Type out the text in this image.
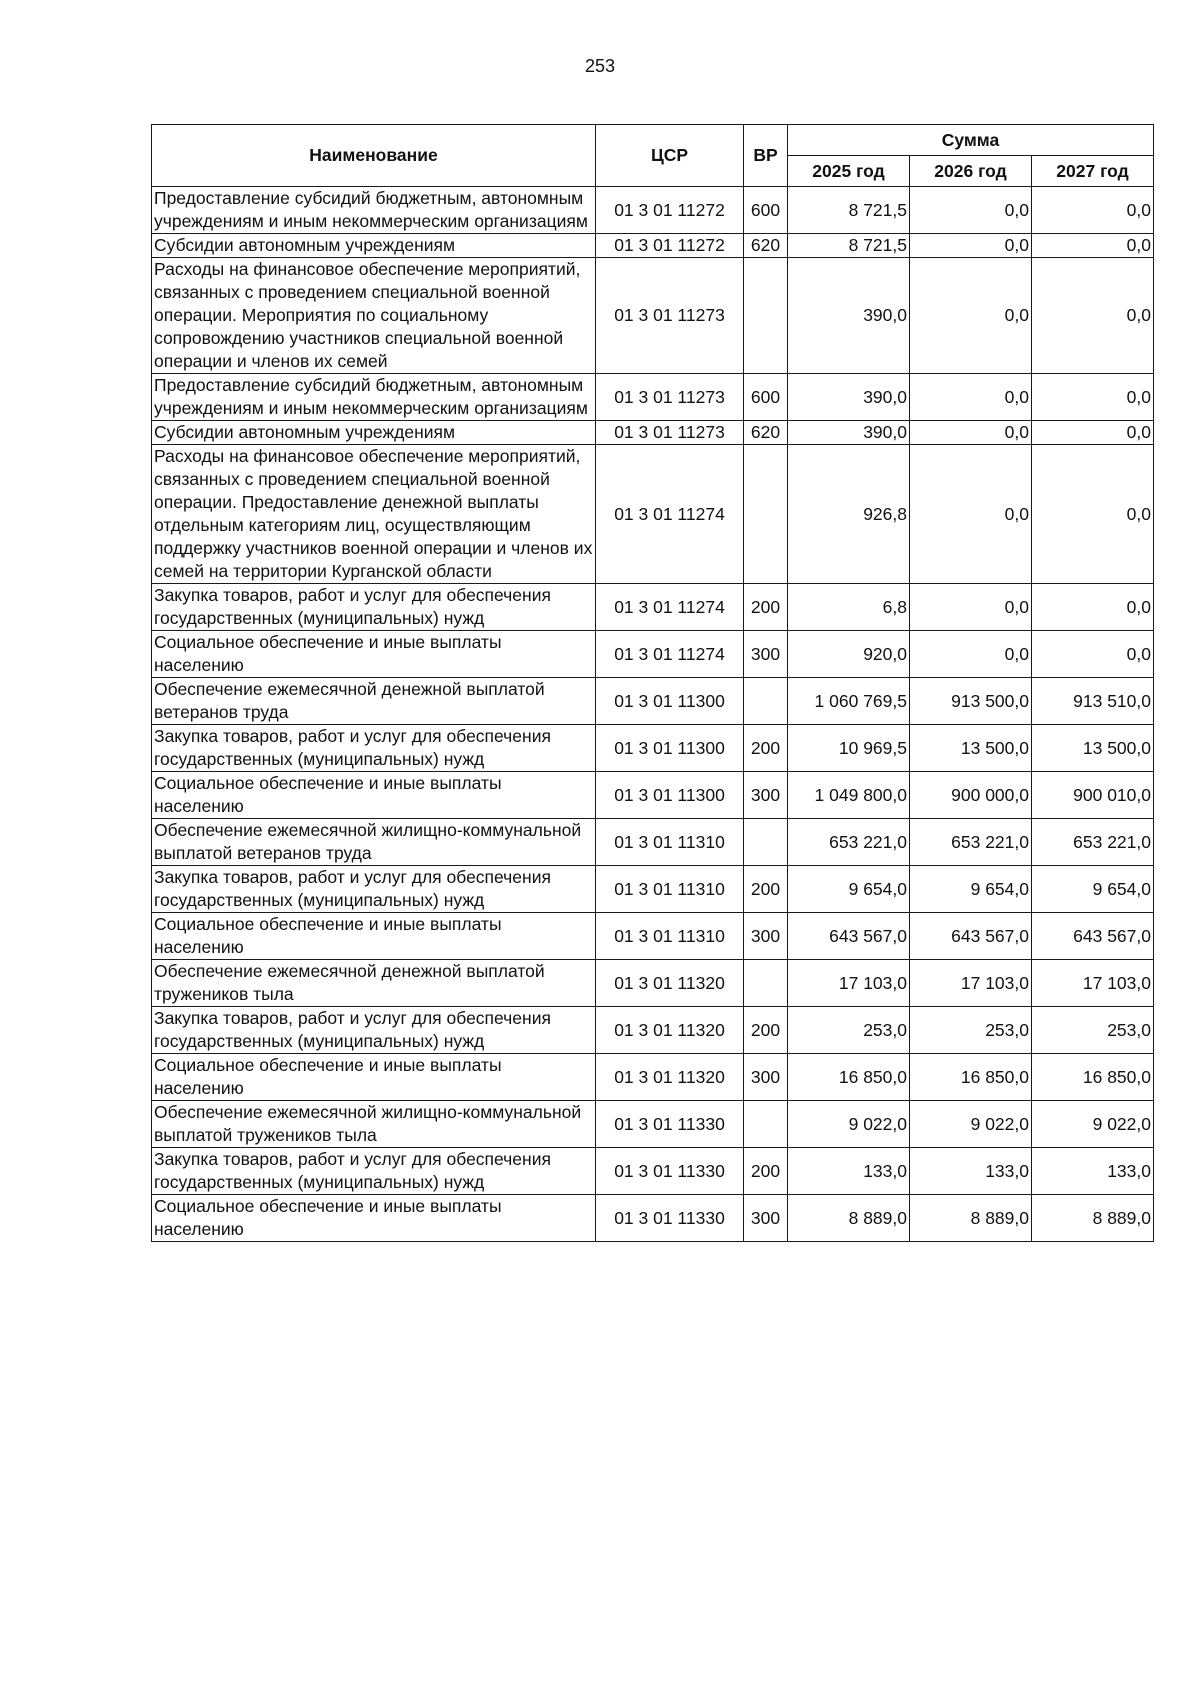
253
Наименование	ЦСР	ВР	Сумма		
			2025 год	2026 год	2027 год
Предоставление субсидий бюджетным, автономным учреждениям и иным некоммерческим организациям	01 3 01 11272	600	8 721,5	0,0	0,0
Субсидии автономным учреждениям	01 3 01 11272	620	8 721,5	0,0	0,0
Расходы на финансовое обеспечение мероприятий, связанных с проведением специальной военной операции. Мероприятия по социальному сопровождению участников специальной военной операции и членов их семей	01 3 01 11273		390,0	0,0	0,0
Предоставление субсидий бюджетным, автономным учреждениям и иным некоммерческим организациям	01 3 01 11273	600	390,0	0,0	0,0
Субсидии автономным учреждениям	01 3 01 11273	620	390,0	0,0	0,0
Расходы на финансовое обеспечение мероприятий, связанных с проведением специальной военной операции. Предоставление денежной выплаты отдельным категориям лиц, осуществляющим поддержку участников военной операции и членов их семей на территории Курганской области	01 3 01 11274		926,8	0,0	0,0
Закупка товаров, работ и услуг для обеспечения государственных (муниципальных) нужд	01 3 01 11274	200	6,8	0,0	0,0
Социальное обеспечение и иные выплаты населению	01 3 01 11274	300	920,0	0,0	0,0
Обеспечение ежемесячной денежной выплатой ветеранов труда	01 3 01 11300		1 060 769,5	913 500,0	913 510,0
Закупка товаров, работ и услуг для обеспечения государственных (муниципальных) нужд	01 3 01 11300	200	10 969,5	13 500,0	13 500,0
Социальное обеспечение и иные выплаты населению	01 3 01 11300	300	1 049 800,0	900 000,0	900 010,0
Обеспечение ежемесячной жилищно-коммунальной выплатой ветеранов труда	01 3 01 11310		653 221,0	653 221,0	653 221,0
Закупка товаров, работ и услуг для обеспечения государственных (муниципальных) нужд	01 3 01 11310	200	9 654,0	9 654,0	9 654,0
Социальное обеспечение и иные выплаты населению	01 3 01 11310	300	643 567,0	643 567,0	643 567,0
Обеспечение ежемесячной денежной выплатой тружеников тыла	01 3 01 11320		17 103,0	17 103,0	17 103,0
Закупка товаров, работ и услуг для обеспечения государственных (муниципальных) нужд	01 3 01 11320	200	253,0	253,0	253,0
Социальное обеспечение и иные выплаты населению	01 3 01 11320	300	16 850,0	16 850,0	16 850,0
Обеспечение ежемесячной жилищно-коммунальной выплатой тружеников тыла	01 3 01 11330		9 022,0	9 022,0	9 022,0
Закупка товаров, работ и услуг для обеспечения государственных (муниципальных) нужд	01 3 01 11330	200	133,0	133,0	133,0
Социальное обеспечение и иные выплаты населению	01 3 01 11330	300	8 889,0	8 889,0	8 889,0
